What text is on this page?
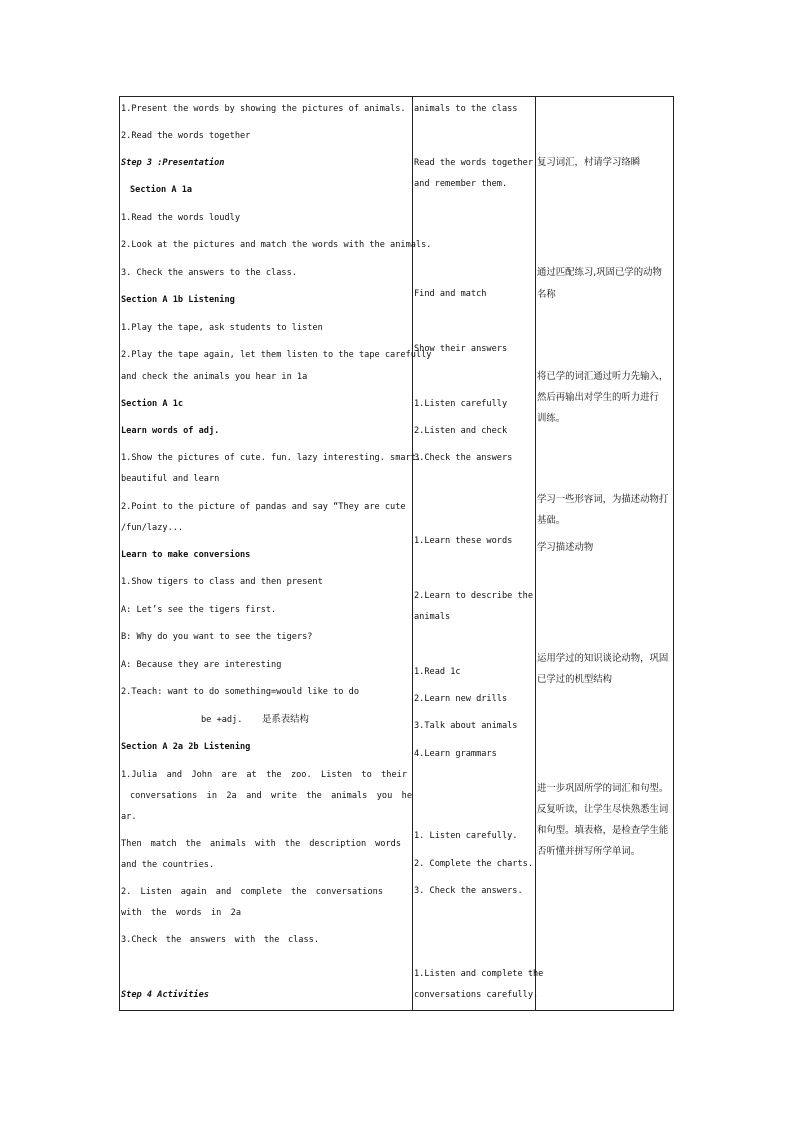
1.Present the words by showing the pictures of animals.
2.Read the words together
Step 3 :Presentation
Section A 1a
1.Read the words loudly
2.Look at the pictures and match the words with the animals.
3. Check the answers to the class.
Section A 1b Listening
1.Play the tape, ask students to listen
2.Play the tape again, let them listen to the tape carefully
and check the animals you hear in 1a
Section A 1c
Learn words of adj.
1.Show the pictures of cute. fun. lazy interesting. smart.
beautiful and learn
2.Point to the picture of pandas and say “They are cute
/fun/lazy...
Learn to make conversions
1.Show tigers to class and then present
A: Let’s see the tigers first.
B: Why do you want to see the tigers?
A: Because they are interesting
2.Teach: want to do something=would like to do
be +adj. 是系表结构
Section A 2a 2b Listening
1.Julia and John are at the zoo. Listen to their
conversations in 2a and write the animals you he
ar.
Then match the animals with the description words
and the countries.
2. Listen again and complete the conversations
with the words in 2a
3.Check the answers with the class.
Step 4 Activities
animals to the class
Read the words together
and remember them.
Find and match
Show their answers
1.Listen carefully
2.Listen and check
3.Check the answers
1.Learn these words
2.Learn to describe the
animals
1.Read 1c
2.Learn new drills
3.Talk about animals
4.Learn grammars
1. Listen carefully.
2. Complete the charts.
3. Check the answers.
1.Listen and complete the
conversations carefully.
复习词汇，村请学习络瞬
通过匹配练习,巩固已学的动物
名称
将已学的词汇通过听力先输入，
然后再输出对学生的听力进行
训练。
学习一些形容词，为描述动物打
基础。
学习描述动物
运用学过的知识谈论动物，巩固
已学过的机型结构
进一步巩固所学的词汇和句型。
反复听读，让学生尽快熟悉生词
和句型。填表格，是检查学生能
否听懂并拼写所学单词。
